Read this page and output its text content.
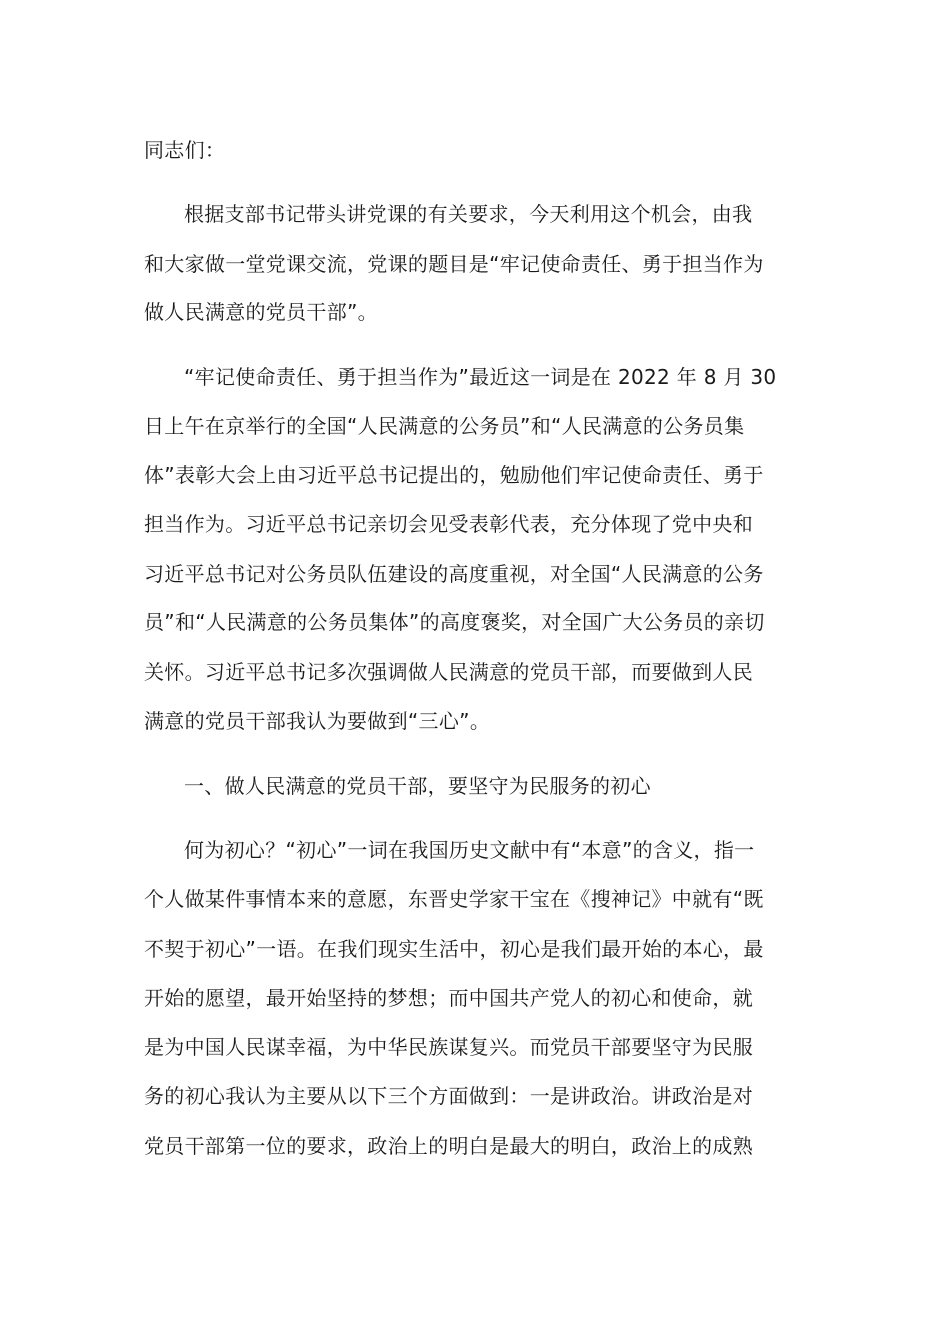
同志们：
根据支部书记带头讲党课的有关要求，今天利用这个机会，由我
和大家做一堂党课交流，党课的题目是“牢记使命责任、勇于担当作为
做人民满意的党员干部”。
“牢记使命责任、勇于担当作为”最近这一词是在 2022 年 8 月 30
日上午在京举行的全国“人民满意的公务员”和“人民满意的公务员集
体”表彰大会上由习近平总书记提出的，勉励他们牢记使命责任、勇于
担当作为。习近平总书记亲切会见受表彰代表，充分体现了党中央和
习近平总书记对公务员队伍建设的高度重视，对全国“人民满意的公务
员”和“人民满意的公务员集体”的高度褒奖，对全国广大公务员的亲切
关怀。习近平总书记多次强调做人民满意的党员干部，而要做到人民
满意的党员干部我认为要做到“三心”。
一、做人民满意的党员干部，要坚守为民服务的初心
何为初心？“初心”一词在我国历史文献中有“本意”的含义，指一
个人做某件事情本来的意愿，东晋史学家干宝在《搜神记》中就有“既
不契于初心”一语。在我们现实生活中，初心是我们最开始的本心，最
开始的愿望，最开始坚持的梦想；而中国共产党人的初心和使命，就
是为中国人民谋幸福，为中华民族谋复兴。而党员干部要坚守为民服
务的初心我认为主要从以下三个方面做到：一是讲政治。讲政治是对
党员干部第一位的要求，政治上的明白是最大的明白，政治上的成熟
